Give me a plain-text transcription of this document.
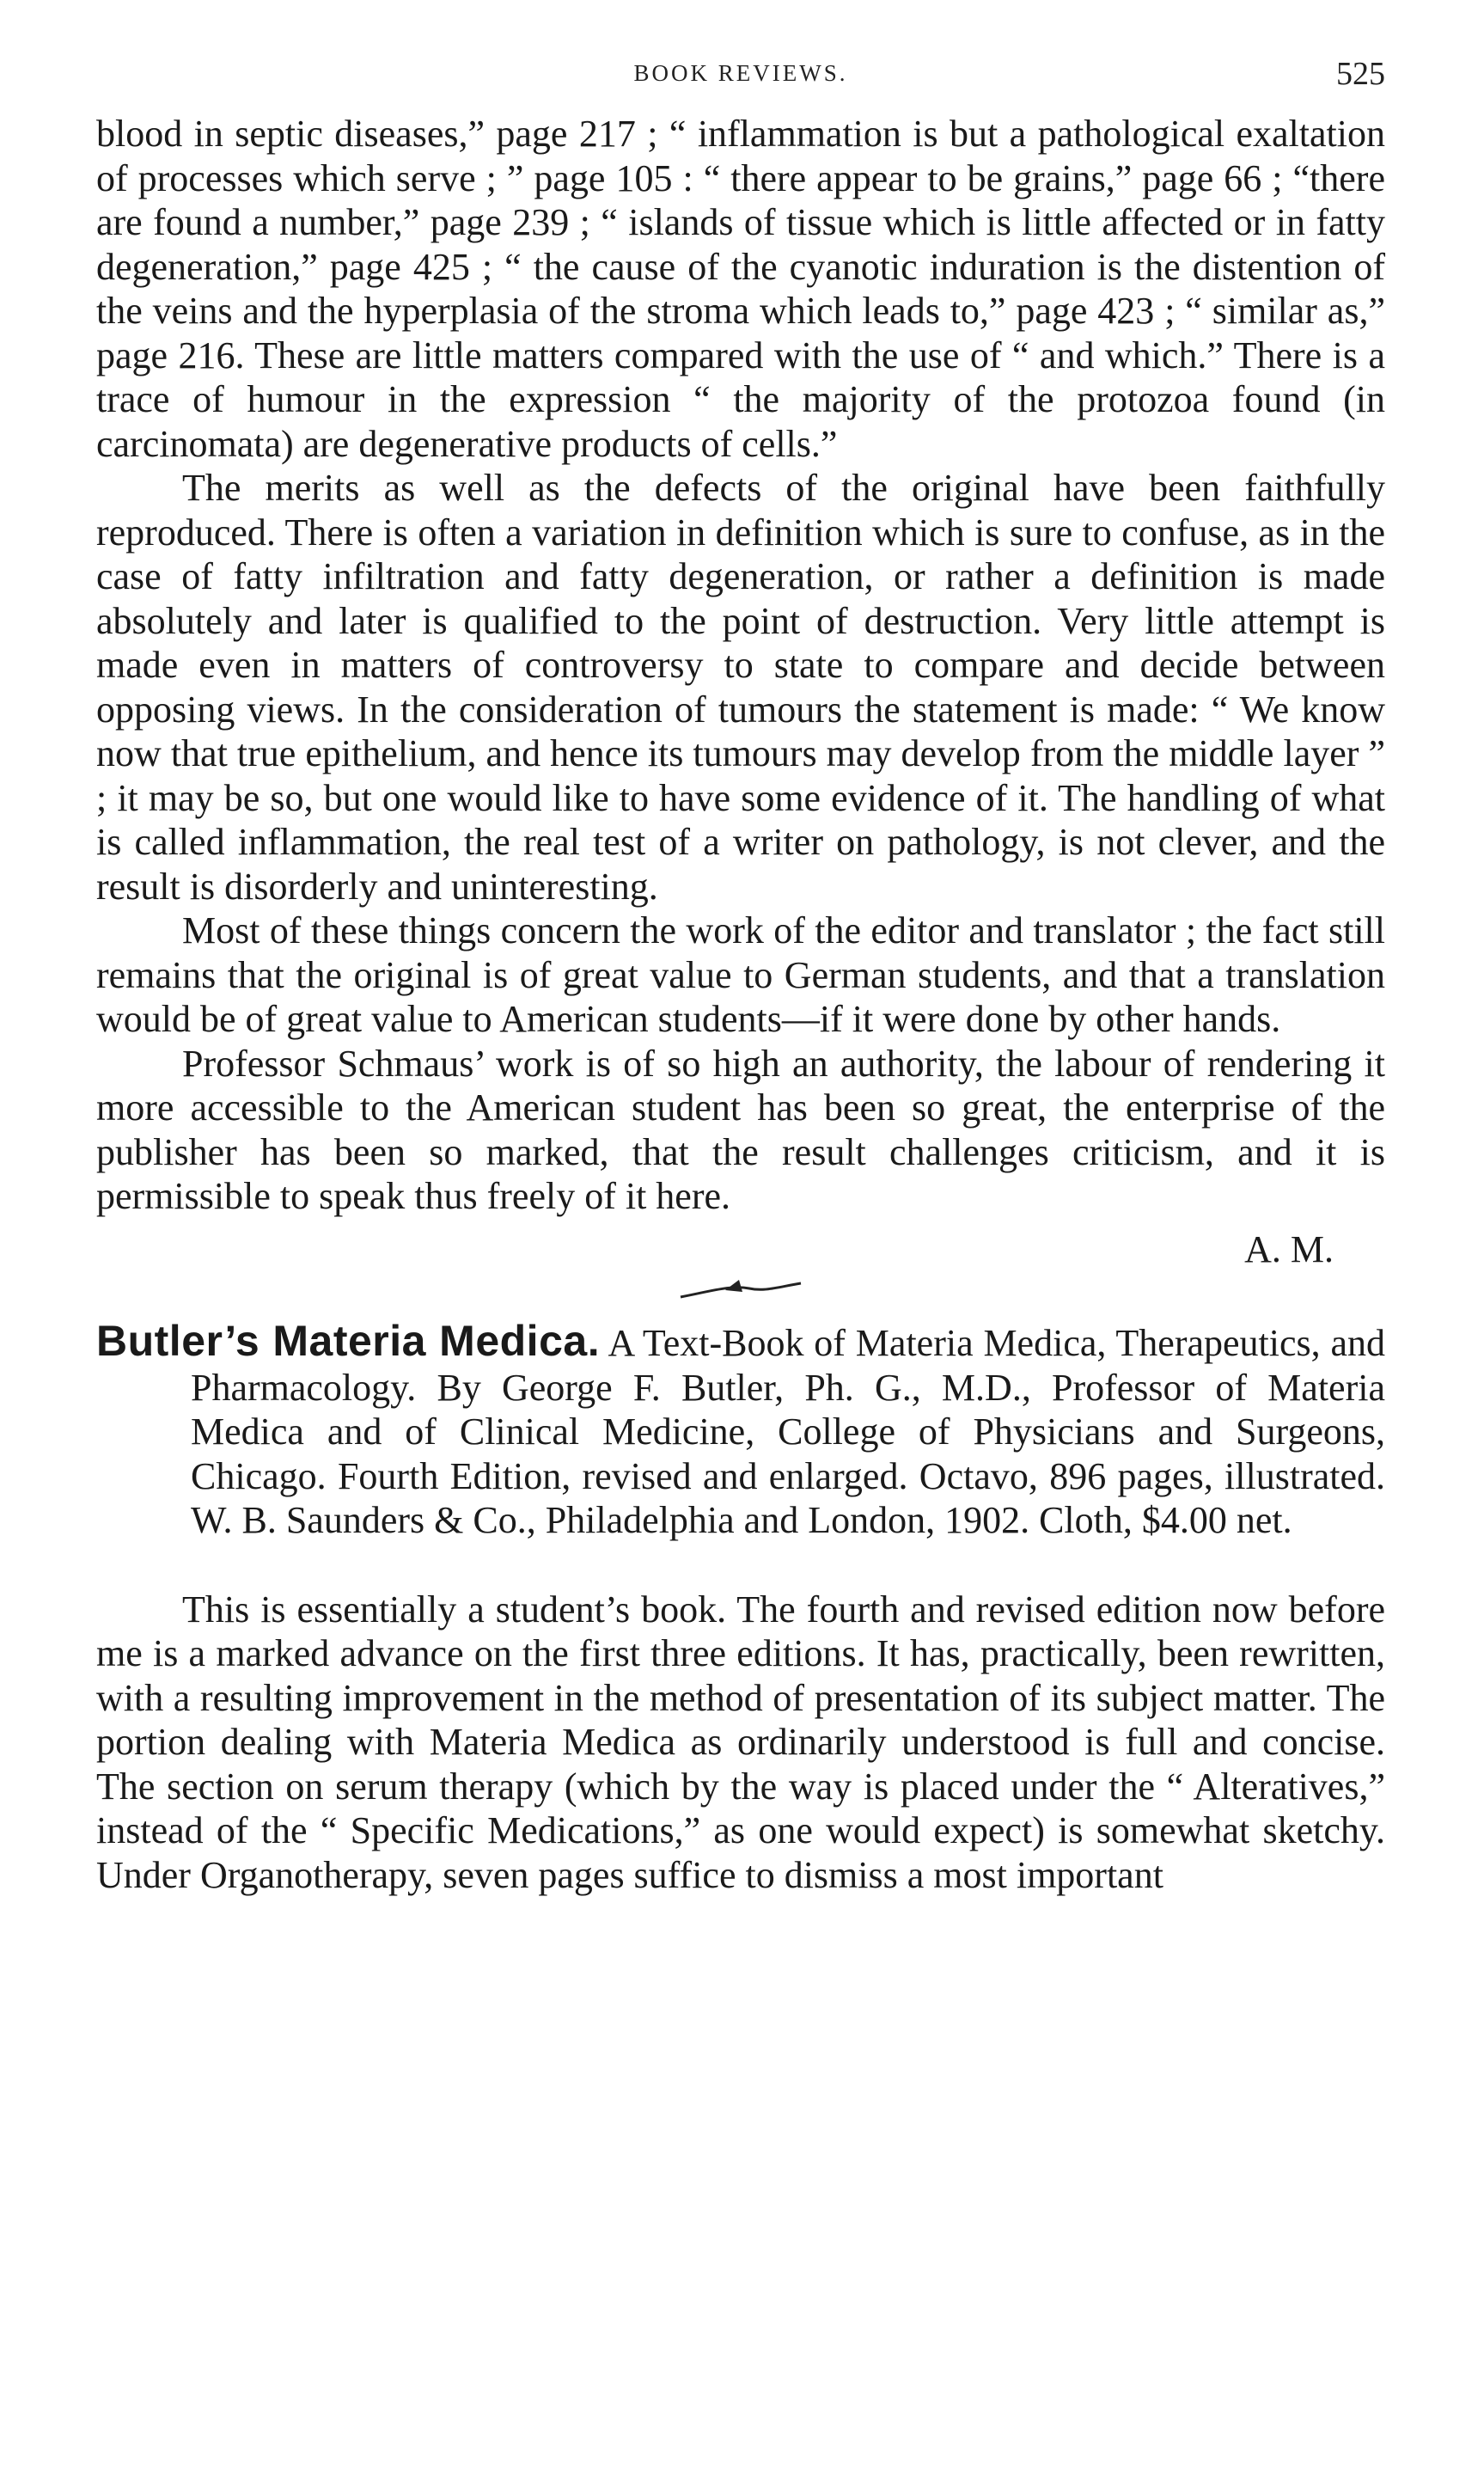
BOOK REVIEWS.	525

blood in septic diseases,” page 217 ; “ inflammation is but a pathological exaltation of processes which serve ; ” page 105 : “ there appear to be grains,” page 66 ; “there are found a number,” page 239 ; “ islands of tissue which is little affected or in fatty degeneration,” page 425 ; “ the cause of the cyanotic induration is the distention of the veins and the hyperplasia of the stroma which leads to,” page 423 ; “ similar as,” page 216. These are little matters compared with the use of “ and which.” There is a trace of humour in the expression “ the majority of the protozoa found (in carcinomata) are degenerative products of cells.”

The merits as well as the defects of the original have been faithfully reproduced. There is often a variation in definition which is sure to confuse, as in the case of fatty infiltration and fatty degeneration, or rather a definition is made absolutely and later is qualified to the point of destruction. Very little attempt is made even in matters of controversy to state to compare and decide between opposing views. In the consideration of tumours the statement is made: “ We know now that true epithelium, and hence its tumours may develop from the middle layer ” ; it may be so, but one would like to have some evidence of it. The handling of what is called inflammation, the real test of a writer on pathology, is not clever, and the result is disorderly and uninteresting.

Most of these things concern the work of the editor and translator ; the fact still remains that the original is of great value to German students, and that a translation would be of great value to American students—if it were done by other hands.

Professor Schmaus’ work is of so high an authority, the labour of rendering it more accessible to the American student has been so great, the enterprise of the publisher has been so marked, that the result challenges criticism, and it is permissible to speak thus freely of it here.

A. M.

Butler’s Materia Medica. A Text-Book of Materia Medica, Therapeutics, and Pharmacology. By George F. Butler, Ph. G., M.D., Professor of Materia Medica and of Clinical Medicine, College of Physicians and Surgeons, Chicago. Fourth Edition, revised and enlarged. Octavo, 896 pages, illustrated. W. B. Saunders & Co., Philadelphia and London, 1902. Cloth, $4.00 net.

This is essentially a student’s book. The fourth and revised edition now before me is a marked advance on the first three editions. It has, practically, been rewritten, with a resulting improvement in the method of presentation of its subject matter. The portion dealing with Materia Medica as ordinarily understood is full and concise. The section on serum therapy (which by the way is placed under the “ Alteratives,” instead of the “ Specific Medications,” as one would expect) is somewhat sketchy. Under Organotherapy, seven pages suffice to dismiss a most important
